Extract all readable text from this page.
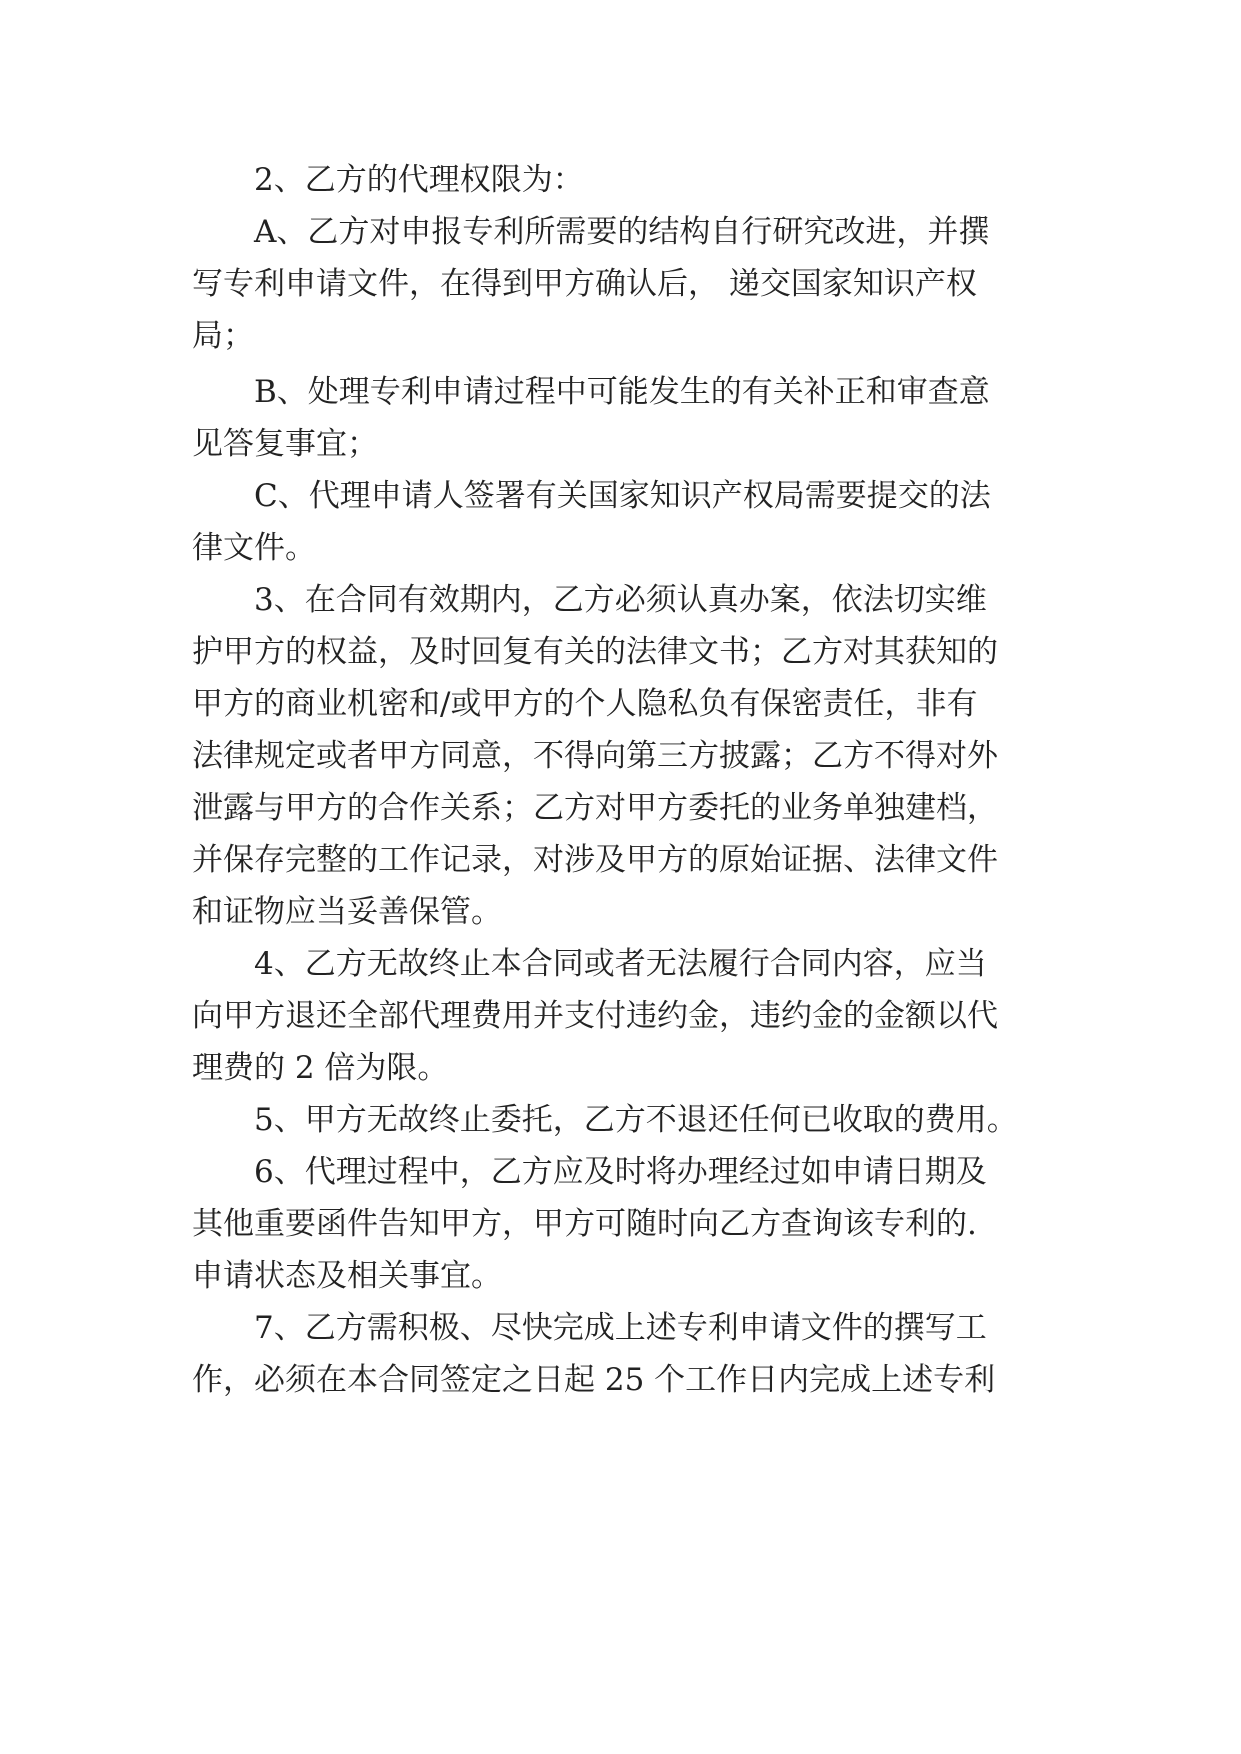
2、乙方的代理权限为：
A、乙方对申报专利所需要的结构自行研究改进，并撰
写专利申请文件，在得到甲方确认后， 递交国家知识产权
局；
B、处理专利申请过程中可能发生的有关补正和审查意
见答复事宜；
C、代理申请人签署有关国家知识产权局需要提交的法
律文件。
3、在合同有效期内，乙方必须认真办案，依法切实维
护甲方的权益，及时回复有关的法律文书；乙方对其获知的
甲方的商业机密和/或甲方的个人隐私负有保密责任，非有
法律规定或者甲方同意，不得向第三方披露；乙方不得对外
泄露与甲方的合作关系；乙方对甲方委托的业务单独建档，
并保存完整的工作记录，对涉及甲方的原始证据、法律文件
和证物应当妥善保管。
4、乙方无故终止本合同或者无法履行合同内容，应当
向甲方退还全部代理费用并支付违约金，违约金的金额以代
理费的 2 倍为限。
5、甲方无故终止委托，乙方不退还任何已收取的费用。
6、代理过程中，乙方应及时将办理经过如申请日期及
其他重要函件告知甲方，甲方可随时向乙方查询该专利的.
申请状态及相关事宜。
7、乙方需积极、尽快完成上述专利申请文件的撰写工
作，必须在本合同签定之日起 25 个工作日内完成上述专利
